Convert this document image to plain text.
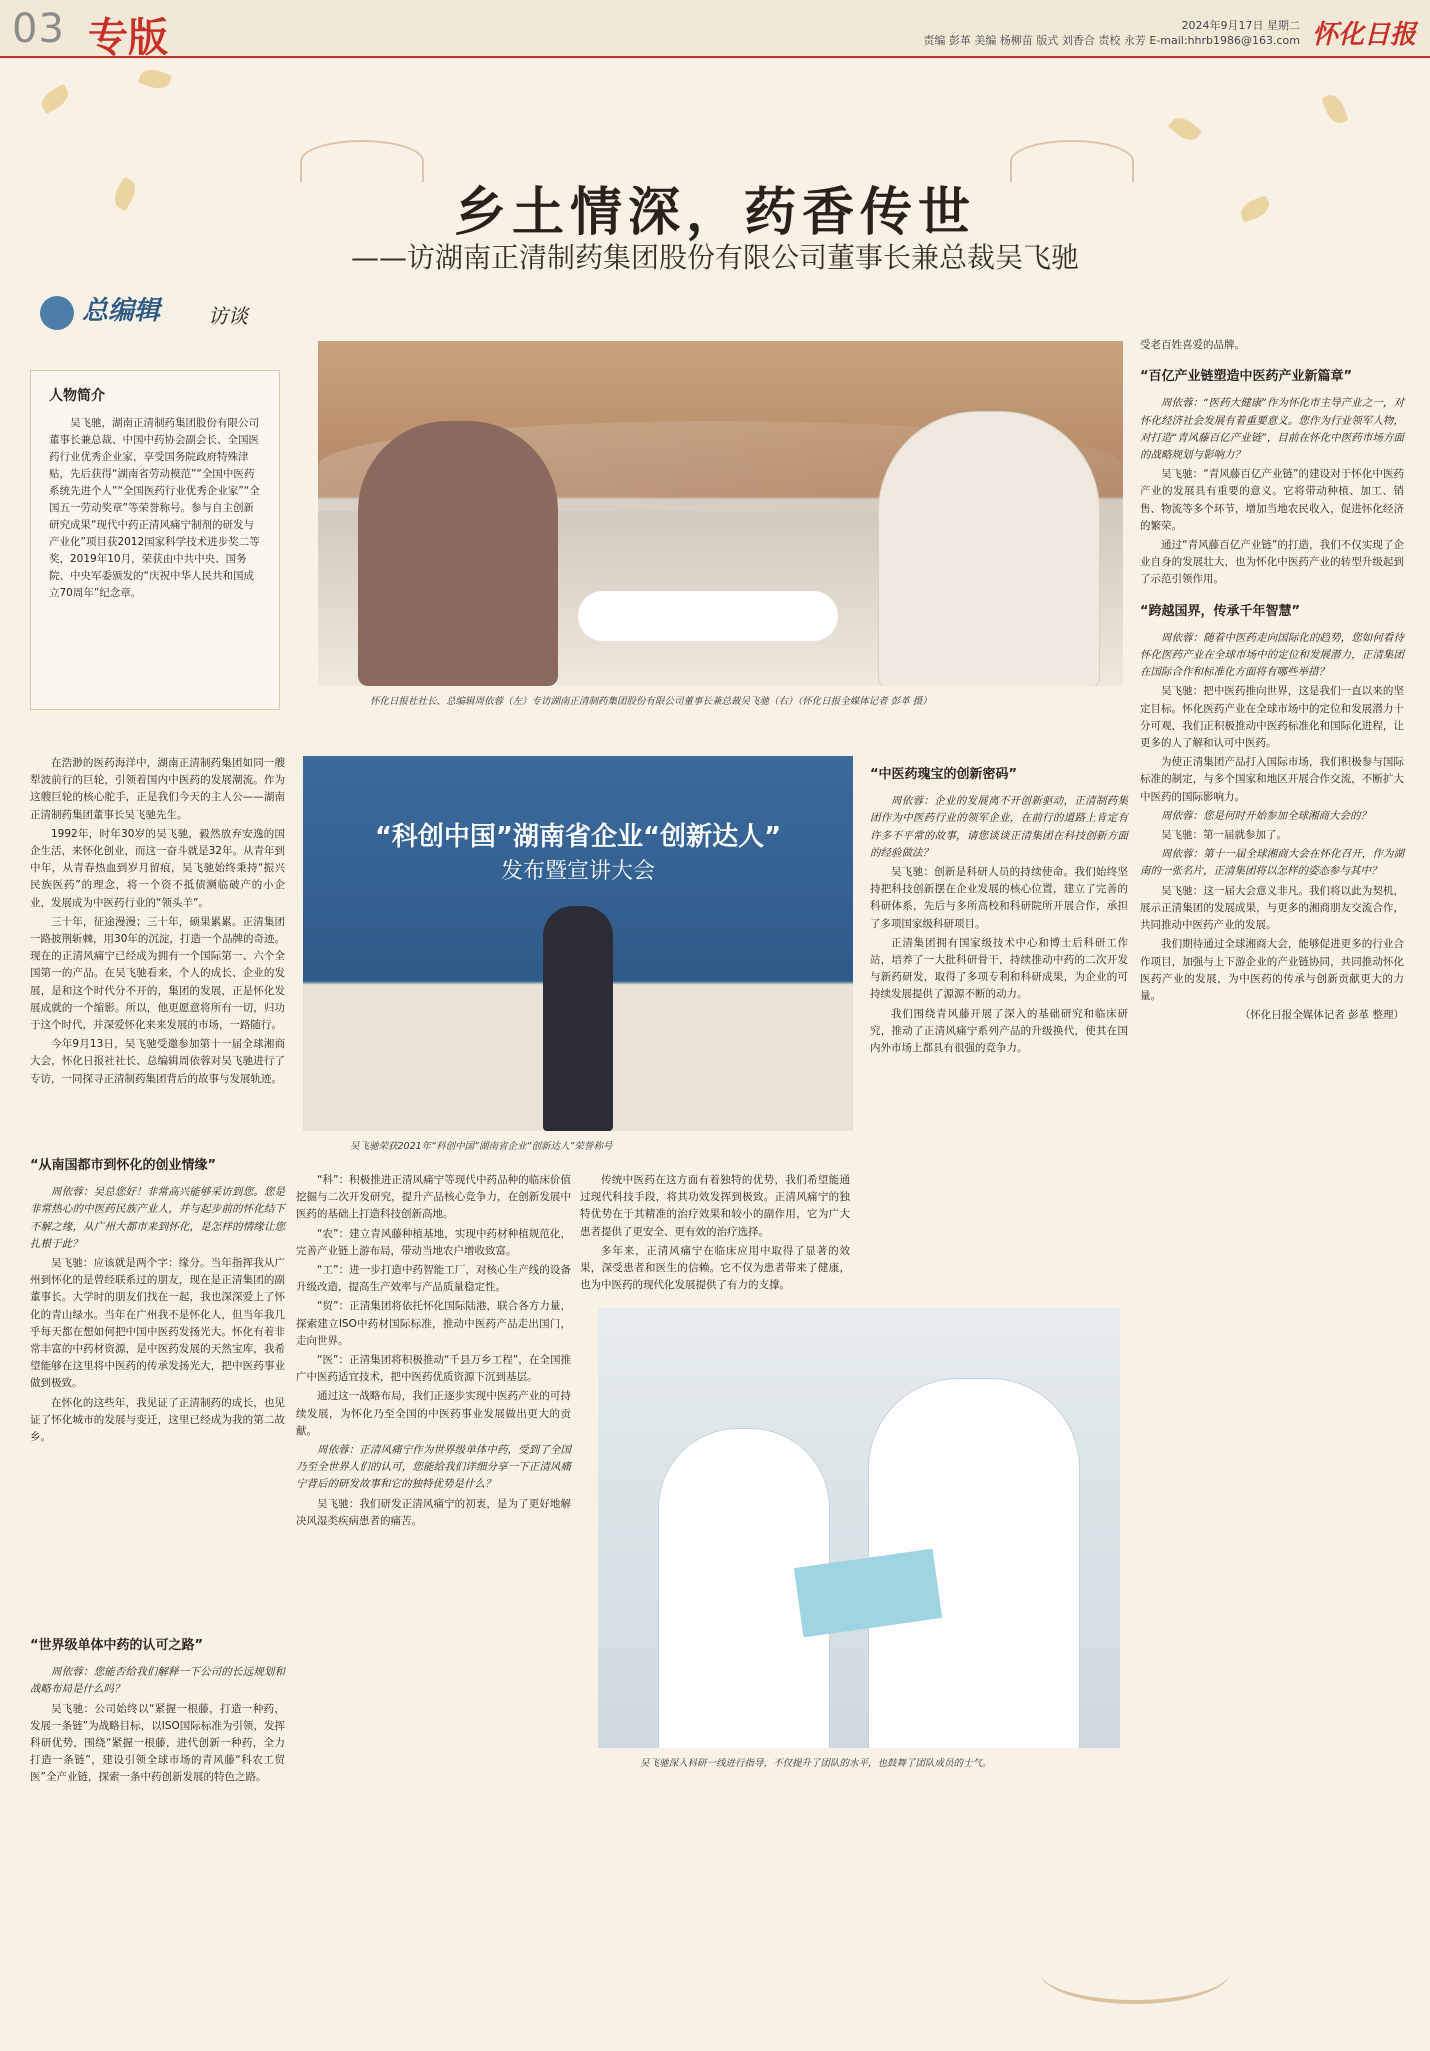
03 专版	2024年9月17日 星期二
责编 彭革 美编 杨柳苗 版式 刘香合 责校 永芳 E-mail:hhrb1986@163.com 怀化日报
乡土情深，药香传世
——访湖南正清制药集团股份有限公司董事长兼总裁吴飞驰
总编辑 访谈
人物简介
吴飞驰，湖南正清制药集团股份有限公司董事长兼总裁、中国中药协会副会长、全国医药行业优秀企业家，享受国务院政府特殊津贴，先后获得“湖南省劳动模范”“全国中医药系统先进个人”“全国医药行业优秀企业家”“全国五一劳动奖章”等荣誉称号。参与自主创新研究成果“现代中药正清风痛宁制剂的研发与产业化”项目获2012国家科学技术进步奖二等奖，2019年10月，荣获由中共中央、国务院、中央军委颁发的“庆祝中华人民共和国成立70周年”纪念章。
怀化日报社社长、总编辑周依蓉（左）专访湖南正清制药集团股份有限公司董事长兼总裁吴飞驰（右）（怀化日报全媒体记者 彭革 摄）
“科创中国”湖南省企业“创新达人”
发布暨宣讲大会
吴飞驰荣获2021年“科创中国”湖南省企业“创新达人”荣誉称号
吴飞驰深入科研一线进行指导，不仅提升了团队的水平，也鼓舞了团队成员的士气。

在浩渺的医药海洋中，湖南正清制药集团如同一艘犁波前行的巨轮，引领着国内中医药的发展潮流。作为这艘巨轮的核心舵手，正是我们今天的主人公——湖南正清制药集团董事长吴飞驰先生。

1992年，时年30岁的吴飞驰，毅然放弃安逸的国企生活，来怀化创业，而这一奋斗就是32年。从青年到中年，从青春热血到岁月留痕，吴飞驰始终秉持“振兴民族医药”的理念，将一个资不抵债濒临破产的小企业，发展成为中医药行业的“领头羊”。

三十年，征途漫漫；三十年，硕果累累。正清集团一路披荆斩棘，用30年的沉淀，打造一个品牌的奇迹。现在的正清风痛宁已经成为拥有一个国际第一、六个全国第一的产品。在吴飞驰看来，个人的成长、企业的发展，是和这个时代分不开的，集团的发展，正是怀化发展成就的一个缩影。所以，他更愿意将所有一切，归功于这个时代，并深爱怀化来来发展的市场，一路随行。

今年9月13日，吴飞驰受邀参加第十一届全球湘商大会，怀化日报社社长、总编辑周依蓉对吴飞驰进行了专访，一同探寻正清制药集团背后的故事与发展轨迹。

“从南国都市到怀化的创业情缘”

周依蓉：吴总您好！非常高兴能够采访到您。您是非常热心的中医药民族产业人，并与起步前的怀化结下不解之缘，从广州大都市来到怀化，是怎样的情缘让您扎根于此？

吴飞驰：应该就是两个字：缘分。当年指挥我从广州到怀化的是曾经联系过的朋友，现在是正清集团的副董事长。大学时的朋友们找在一起，我也深深爱上了怀化的青山绿水。当年在广州我不是怀化人，但当年我几乎每天都在想如何把中国中医药发扬光大。怀化有着非常丰富的中药材资源，是中医药发展的天然宝库，我希望能够在这里将中医药的传承发扬光大，把中医药事业做到极致。

在怀化的这些年，我见证了正清制药的成长，也见证了怀化城市的发展与变迁，这里已经成为我的第二故乡。

“世界级单体中药的认可之路”

周依蓉：您能否给我们解释一下公司的长远规划和战略布局是什么吗？

吴飞驰：公司始终以“紧握一根藤，打造一种药，发展一条链”为战略目标，以ISO国际标准为引领，发挥科研优势，围绕“紧握一根藤，进代创新一种药，全力打造一条链”，建设引领全球市场的青风藤“科农工贸医”全产业链，探索一条中药创新发展的特色之路。

“科”：积极推进正清风痛宁等现代中药品种的临床价值挖掘与二次开发研究，提升产品核心竞争力，在创新发展中医药的基础上打造科技创新高地。

“农”：建立青风藤种植基地，实现中药材种植规范化，完善产业链上游布局，带动当地农户增收致富。

“工”：进一步打造中药智能工厂，对核心生产线的设备升级改造，提高生产效率与产品质量稳定性。

“贸”：正清集团将依托怀化国际陆港，联合各方力量，探索建立ISO中药材国际标准，推动中医药产品走出国门，走向世界。

“医”：正清集团将积极推动“千县万乡工程”，在全国推广中医药适宜技术，把中医药优质资源下沉到基层。

通过这一战略布局，我们正逐步实现中医药产业的可持续发展，为怀化乃至全国的中医药事业发展做出更大的贡献。

周依蓉：正清风痛宁作为世界级单体中药，受到了全国乃至全世界人们的认可，您能给我们详细分享一下正清风痛宁背后的研发故事和它的独特优势是什么？

吴飞驰：我们研发正清风痛宁的初衷，是为了更好地解决风湿类疾病患者的痛苦。

传统中医药在这方面有着独特的优势，我们希望能通过现代科技手段，将其功效发挥到极致。正清风痛宁的独特优势在于其精准的治疗效果和较小的副作用，它为广大患者提供了更安全、更有效的治疗选择。

多年来，正清风痛宁在临床应用中取得了显著的效果，深受患者和医生的信赖。它不仅为患者带来了健康，也为中医药的现代化发展提供了有力的支撑。

“中医药瑰宝的创新密码”

周依蓉：企业的发展离不开创新驱动，正清制药集团作为中医药行业的领军企业，在前行的道路上肯定有许多不平常的故事，请您谈谈正清集团在科技创新方面的经验做法？

吴飞驰：创新是科研人员的持续使命。我们始终坚持把科技创新摆在企业发展的核心位置，建立了完善的科研体系，先后与多所高校和科研院所开展合作，承担了多项国家级科研项目。

正清集团拥有国家级技术中心和博士后科研工作站，培养了一大批科研骨干，持续推动中药的二次开发与新药研发，取得了多项专利和科研成果，为企业的可持续发展提供了源源不断的动力。

我们围绕青风藤开展了深入的基础研究和临床研究，推动了正清风痛宁系列产品的升级换代，使其在国内外市场上都具有很强的竞争力。

受老百姓喜爱的品牌。

“百亿产业链塑造中医药产业新篇章”

周依蓉：“医药大健康”作为怀化市主导产业之一，对怀化经济社会发展有着重要意义。您作为行业领军人物，对打造“青风藤百亿产业链”，目前在怀化中医药市场方面的战略规划与影响力？

吴飞驰：“青风藤百亿产业链”的建设对于怀化中医药产业的发展具有重要的意义。它将带动种植、加工、销售、物流等多个环节，增加当地农民收入，促进怀化经济的繁荣。

通过“青风藤百亿产业链”的打造，我们不仅实现了企业自身的发展壮大，也为怀化中医药产业的转型升级起到了示范引领作用。

“跨越国界，传承千年智慧”

周依蓉：随着中医药走向国际化的趋势，您如何看待怀化医药产业在全球市场中的定位和发展潜力，正清集团在国际合作和标准化方面将有哪些举措？

吴飞驰：把中医药推向世界，这是我们一直以来的坚定目标。怀化医药产业在全球市场中的定位和发展潜力十分可观，我们正积极推动中医药标准化和国际化进程，让更多的人了解和认可中医药。

为使正清集团产品打入国际市场，我们积极参与国际标准的制定，与多个国家和地区开展合作交流，不断扩大中医药的国际影响力。

周依蓉：您是何时开始参加全球湘商大会的？

吴飞驰：第一届就参加了。

周依蓉：第十一届全球湘商大会在怀化召开，作为湖南的一张名片，正清集团将以怎样的姿态参与其中？

吴飞驰：这一届大会意义非凡。我们将以此为契机，展示正清集团的发展成果，与更多的湘商朋友交流合作，共同推动中医药产业的发展。

我们期待通过全球湘商大会，能够促进更多的行业合作项目，加强与上下游企业的产业链协同，共同推动怀化医药产业的发展，为中医药的传承与创新贡献更大的力量。

（怀化日报全媒体记者 彭革 整理）
